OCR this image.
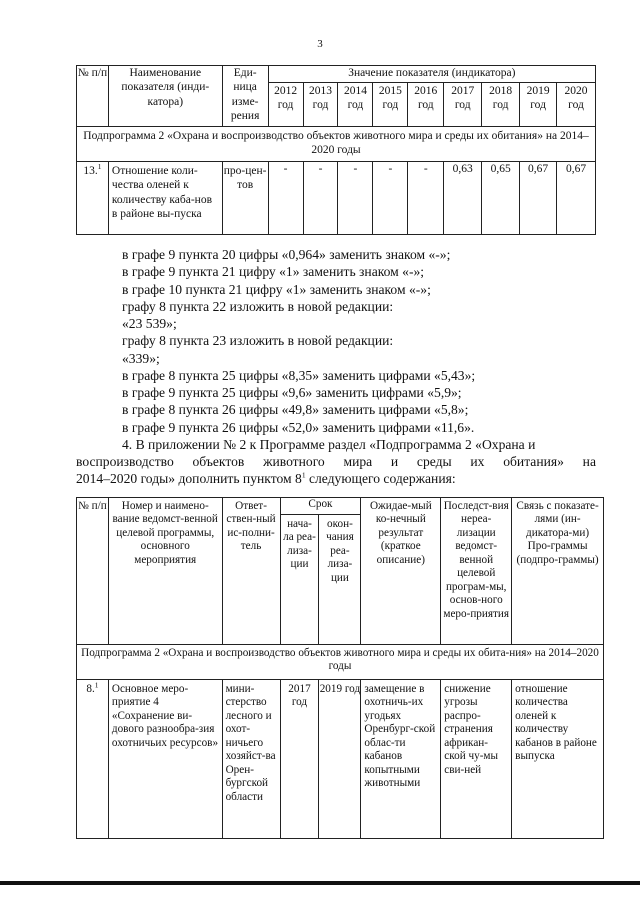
3
№ п/п	Наименование показателя (инди-катора)	Еди-ница изме-рения	Значение показателя (индикатора)								
			2012 год	2013 год	2014 год	2015 год	2016 год	2017 год	2018 год	2019 год	2020 год
Подпрограмма 2 «Охрана и воспроизводство объектов животного мира и среды их обитания» на 2014–2020 годы											
13.$^1$	Отношение коли-чества оленей к количеству каба-нов в районе вы-пуска	про-цен-тов	-	-	-	-	-	0,63	0,65	0,67	0,67

в графе 9 пункта 20 цифры «0,964» заменить знаком «-»;

в графе 9 пункта 21 цифру «1» заменить знаком «-»;

в графе 10 пункта 21 цифру «1» заменить знаком «-»;

графу 8 пункта 22 изложить в новой редакции:

«23 539»;

графу 8 пункта 23 изложить в новой редакции:

«339»;

в графе 8 пункта 25 цифры «8,35» заменить цифрами «5,43»;

в графе 9 пункта 25 цифры «9,6» заменить цифрами «5,9»;

в графе 8 пункта 26 цифры «49,8» заменить цифрами «5,8»;

в графе 9 пункта 26 цифры «52,0» заменить цифрами «11,6».

4. В приложении № 2 к Программе раздел «Подпрограмма 2 «Охрана и

воспроизводство объектов животного мира и среды их обитания» на

2014–2020 годы» дополнить пунктом $8^1$ следующего содержания:

№ п/п	Номер и наимено-вание ведомст-венной целевой программы, основного мероприятия	Ответ-ствен-ный ис-полни-тель	Срок		Ожидае-мый ко-нечный результат (краткое описание)	Последст-вия нереа-лизации ведомст-венной целевой програм-мы, основ-ного меро-приятия	Связь с показате-лями (ин-дикатора-ми) Про-граммы (подпро-граммы)
			нача-ла реа-лиза-ции	окон-чания реа-лиза-ции			
Подпрограмма 2 «Охрана и воспроизводство объектов животного мира и среды их обита-ния» на 2014–2020 годы							
8.$^1$	Основное меро-приятие 4 «Сохранение ви-дового разнообра-зия охотничьих ресурсов»	мини-стерство лесного и охот-ничьего хозяйст-ва Орен-бургской области	2017 год	2019 год	замещение в охотничь-их угодьях Оренбург-ской облас-ти кабанов копытными животными	снижение угрозы распро-странения африкан-ской чу-мы сви-ней	отношение количества оленей к количеству кабанов в районе выпуска
